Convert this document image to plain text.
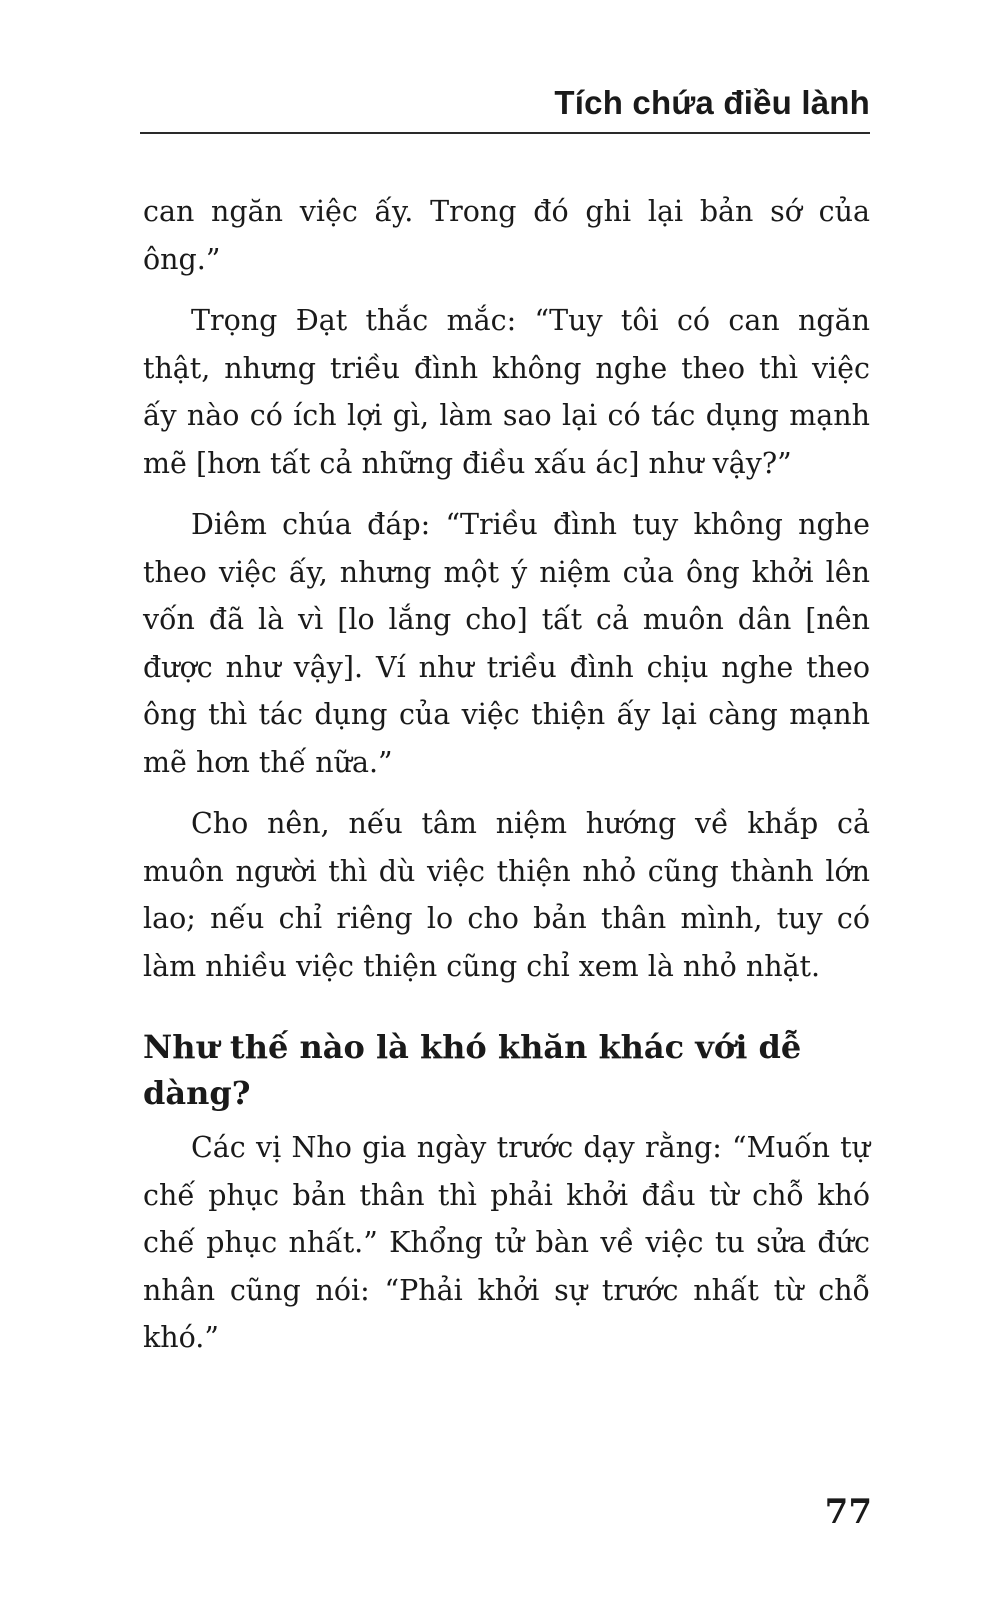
Tích chứa điều lành

can ngăn việc ấy. Trong đó ghi lại bản sớ của ông.”

Trọng Đạt thắc mắc: “Tuy tôi có can ngăn thật, nhưng triều đình không nghe theo thì việc ấy nào có ích lợi gì, làm sao lại có tác dụng mạnh mẽ [hơn tất cả những điều xấu ác] như vậy?”

Diêm chúa đáp: “Triều đình tuy không nghe theo việc ấy, nhưng một ý niệm của ông khởi lên vốn đã là vì [lo lắng cho] tất cả muôn dân [nên được như vậy]. Ví như triều đình chịu nghe theo ông thì tác dụng của việc thiện ấy lại càng mạnh mẽ hơn thế nữa.”

Cho nên, nếu tâm niệm hướng về khắp cả muôn người thì dù việc thiện nhỏ cũng thành lớn lao; nếu chỉ riêng lo cho bản thân mình, tuy có làm nhiều việc thiện cũng chỉ xem là nhỏ nhặt.

Như thế nào là khó khăn khác với dễ dàng?

Các vị Nho gia ngày trước dạy rằng: “Muốn tự chế phục bản thân thì phải khởi đầu từ chỗ khó chế phục nhất.” Khổng tử bàn về việc tu sửa đức nhân cũng nói: “Phải khởi sự trước nhất từ chỗ khó.”

77
